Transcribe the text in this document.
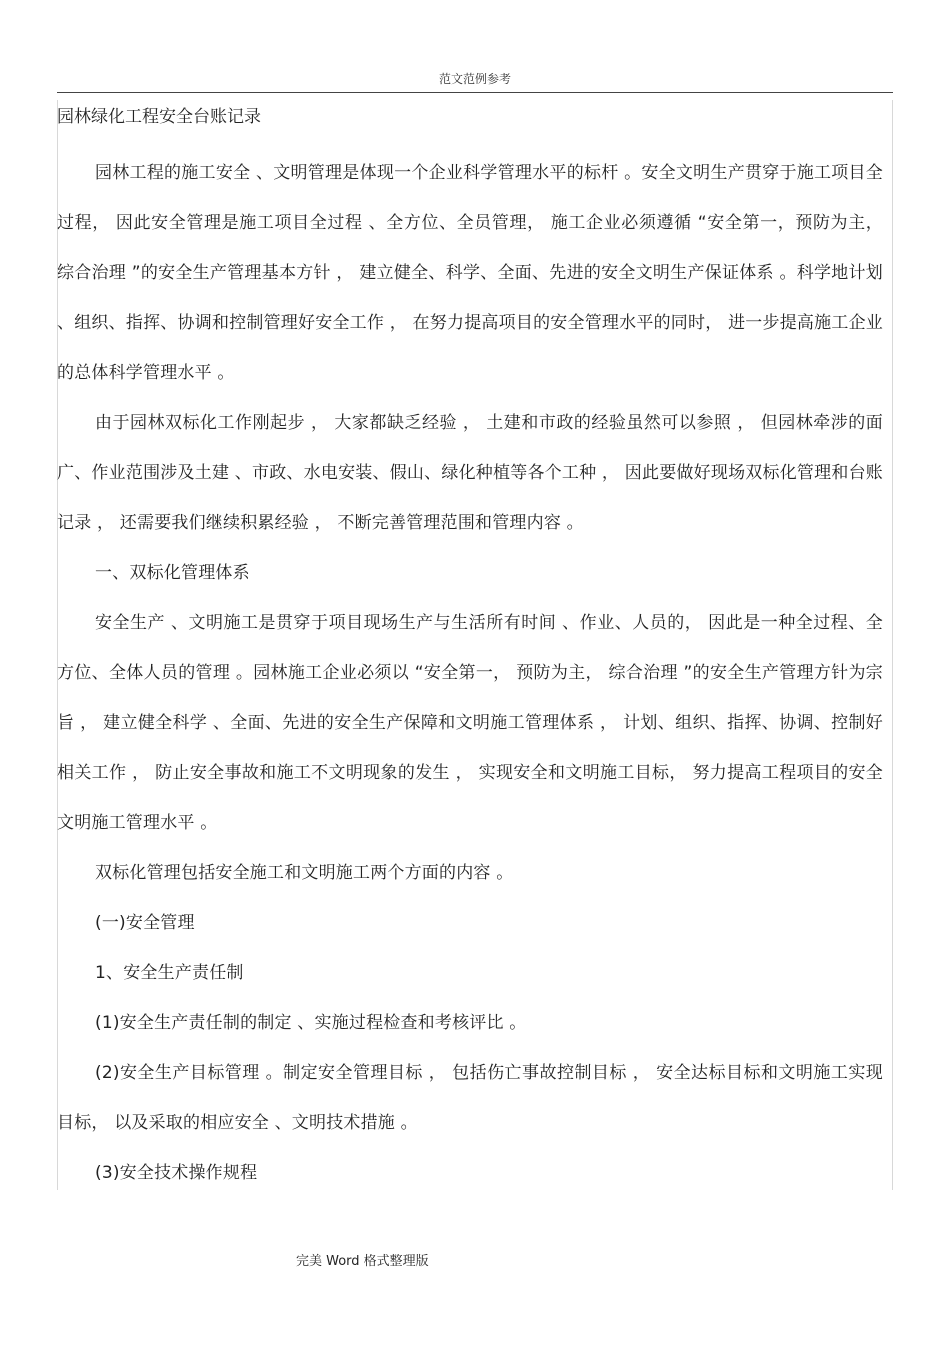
范文范例参考
园林绿化工程安全台账记录

园林工程的施工安全 、文明管理是体现一个企业科学管理水平的标杆 。安全文明生产贯穿于施工项目全过程， 因此安全管理是施工项目全过程 、全方位、全员管理， 施工企业必须遵循 “安全第一，预防为主， 综合治理 ”的安全生产管理基本方针 ， 建立健全、科学、全面、先进的安全文明生产保证体系 。科学地计划 、组织、指挥、协调和控制管理好安全工作 ， 在努力提高项目的安全管理水平的同时， 进一步提高施工企业的总体科学管理水平 。

由于园林双标化工作刚起步 ， 大家都缺乏经验 ， 土建和市政的经验虽然可以参照 ， 但园林牵涉的面广、作业范围涉及土建 、市政、水电安装、假山、绿化种植等各个工种 ， 因此要做好现场双标化管理和台账记录 ， 还需要我们继续积累经验 ， 不断完善管理范围和管理内容 。

一、双标化管理体系

安全生产 、文明施工是贯穿于项目现场生产与生活所有时间 、作业、人员的， 因此是一种全过程、全方位、全体人员的管理 。园林施工企业必须以 “安全第一， 预防为主， 综合治理 ”的安全生产管理方针为宗旨 ， 建立健全科学 、全面、先进的安全生产保障和文明施工管理体系 ， 计划、组织、指挥、协调、控制好相关工作 ， 防止安全事故和施工不文明现象的发生 ， 实现安全和文明施工目标， 努力提高工程项目的安全文明施工管理水平 。

双标化管理包括安全施工和文明施工两个方面的内容 。

(一)安全管理

1、安全生产责任制

(1)安全生产责任制的制定 、实施过程检查和考核评比 。

(2)安全生产目标管理 。制定安全管理目标 ， 包括伤亡事故控制目标 ， 安全达标目标和文明施工实现目标， 以及采取的相应安全 、文明技术措施 。

(3)安全技术操作规程

完美 Word 格式整理版
